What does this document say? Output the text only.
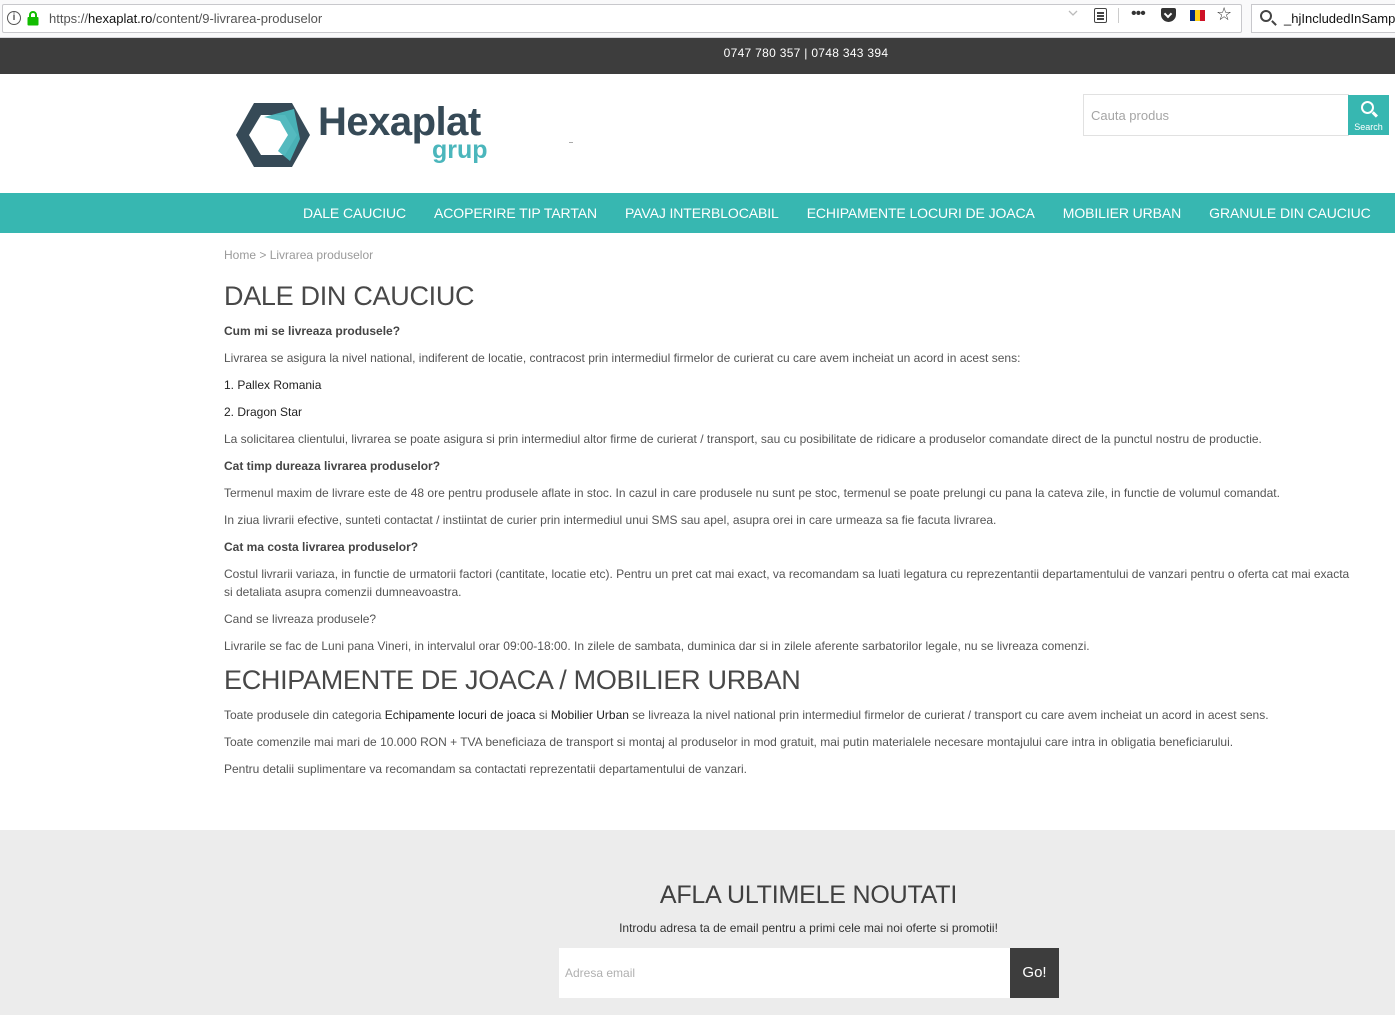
i	https://hexaplat.ro/content/9-livrarea-produselor	•••	☆	_hjIncludedInSamp
0747 780 357 | 0748 343 394
Hexaplat
grup
Cauta produs
Search
DALE CAUCIUC	ACOPERIRE TIP TARTAN	PAVAJ INTERBLOCABIL	ECHIPAMENTE LOCURI DE JOACA	MOBILIER URBAN	GRANULE DIN CAUCIUC
Home > Livrarea produselor
DALE DIN CAUCIUC
Cum mi se livreaza produsele?
Livrarea se asigura la nivel national, indiferent de locatie, contracost prin intermediul firmelor de curierat cu care avem incheiat un acord in acest sens:
1. Pallex Romania
2. Dragon Star
La solicitarea clientului, livrarea se poate asigura si prin intermediul altor firme de curierat / transport, sau cu posibilitate de ridicare a produselor comandate direct de la punctul nostru de productie.
Cat timp dureaza livrarea produselor?
Termenul maxim de livrare este de 48 ore pentru produsele aflate in stoc. In cazul in care produsele nu sunt pe stoc, termenul se poate prelungi cu pana la cateva zile, in functie de volumul comandat.
In ziua livrarii efective, sunteti contactat / instiintat de curier prin intermediul unui SMS sau apel, asupra orei in care urmeaza sa fie facuta livrarea.
Cat ma costa livrarea produselor?
Costul livrarii variaza, in functie de urmatorii factori (cantitate, locatie etc). Pentru un pret cat mai exact, va recomandam sa luati legatura cu reprezentantii departamentului de vanzari pentru o oferta cat mai exacta
si detaliata asupra comenzii dumneavoastra.
Cand se livreaza produsele?
Livrarile se fac de Luni pana Vineri, in intervalul orar 09:00-18:00. In zilele de sambata, duminica dar si in zilele aferente sarbatorilor legale, nu se livreaza comenzi.
ECHIPAMENTE DE JOACA / MOBILIER URBAN
Toate produsele din categoria Echipamente locuri de joaca si Mobilier Urban se livreaza la nivel national prin intermediul firmelor de curierat / transport cu care avem incheiat un acord in acest sens.
Toate comenzile mai mari de 10.000 RON + TVA beneficiaza de transport si montaj al produselor in mod gratuit, mai putin materialele necesare montajului care intra in obligatia beneficiarului.
Pentru detalii suplimentare va recomandam sa contactati reprezentatii departamentului de vanzari.
AFLA ULTIMELE NOUTATI
Introdu adresa ta de email pentru a primi cele mai noi oferte si promotii!
Adresa email
Go!
